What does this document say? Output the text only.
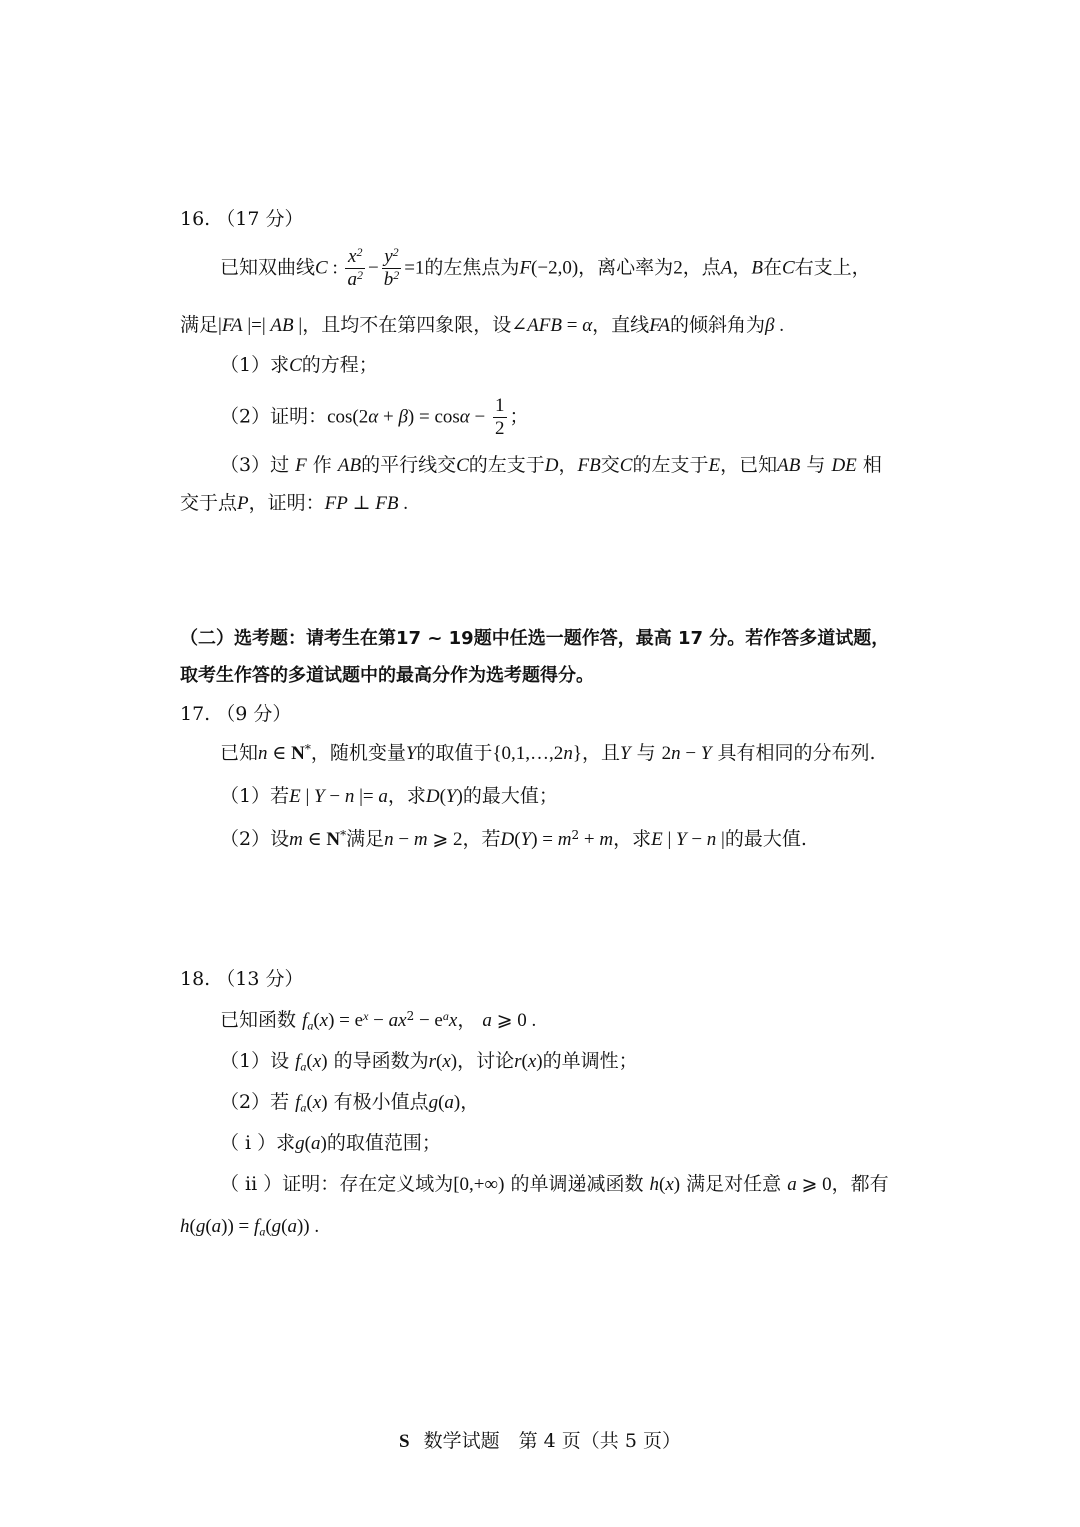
16. （17 分）
已知双曲线C : $\frac{x^2}{a^2} - \frac{y^2}{b^2} =1$的左焦点为F(−2,0)，离心率为2，点A，B在C右支上，
满足|FA |=| AB |，且均不在第四象限，设∠AFB = α，直线FA的倾斜角为β .
（1）求C的方程；
（2）证明：$\cos(2\alpha + \beta) = \cos\alpha - \frac{1}{2}$ ；
（3）过 F 作 AB的平行线交C的左支于D，FB交C的左支于E，已知AB 与 DE 相
交于点P，证明：FP ⊥ FB .
（二）选考题：请考生在第17 ~ 19题中任选一题作答，最高 17 分。若作答多道试题，
取考生作答的多道试题中的最高分作为选考题得分。
17. （9 分）
已知n ∈ N*，随机变量Y的取值于{0,1,…,2n}，且Y 与 2n − Y 具有相同的分布列.
（1）若E | Y − n |= a，求D(Y)的最大值；
（2）设m ∈ N*满足n − m ⩾ 2，若$D(Y) = m^2 + m$，求E | Y − n |的最大值.
18. （13 分）
已知函数 $f_a(x) = e^x - ax^2 - e^ax$， a ⩾ 0 .
（1）设 $f_a(x)$ 的导函数为r(x)，讨论r(x)的单调性；
（2）若 $f_a(x)$ 有极小值点g(a)，
（ i ）求g(a)的取值范围；
（ ii ）证明：存在定义域为[0,+∞) 的单调递减函数 h(x) 满足对任意 a ⩾ 0，都有
$h(g(a)) = f_a(g(a))$ .
S 数学试题　第 4 页（共 5 页）
